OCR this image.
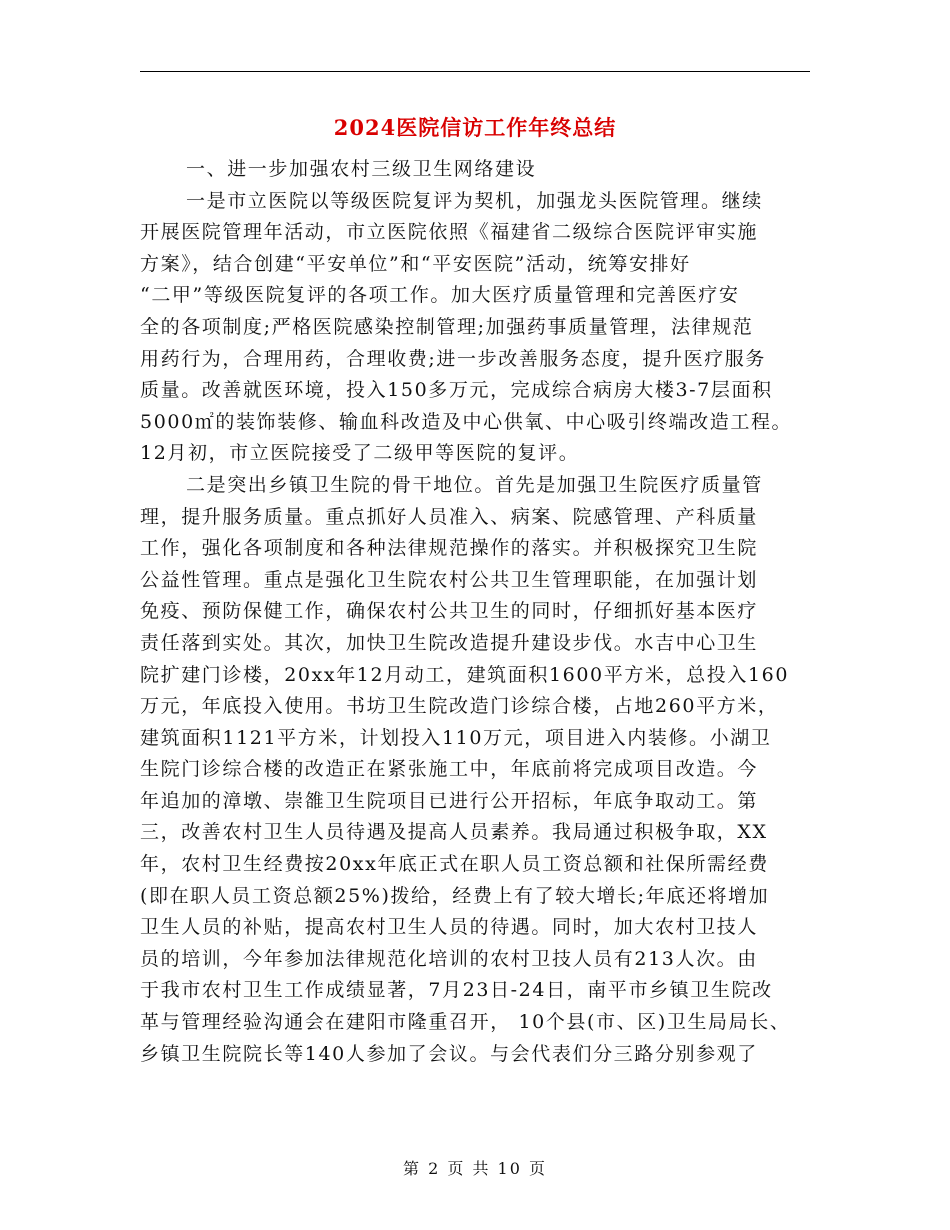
2024医院信访工作年终总结
一、进一步加强农村三级卫生网络建设
一是市立医院以等级医院复评为契机，加强龙头医院管理。继续
开展医院管理年活动，市立医院依照《福建省二级综合医院评审实施
方案》，结合创建“平安单位”和“平安医院”活动，统筹安排好
“二甲”等级医院复评的各项工作。加大医疗质量管理和完善医疗安
全的各项制度;严格医院感染控制管理;加强药事质量管理，法律规范
用药行为，合理用药，合理收费;进一步改善服务态度，提升医疗服务
质量。改善就医环境，投入150多万元，完成综合病房大楼3-7层面积
5000㎡的装饰装修、输血科改造及中心供氧、中心吸引终端改造工程。
12月初，市立医院接受了二级甲等医院的复评。
二是突出乡镇卫生院的骨干地位。首先是加强卫生院医疗质量管
理，提升服务质量。重点抓好人员准入、病案、院感管理、产科质量
工作，强化各项制度和各种法律规范操作的落实。并积极探究卫生院
公益性管理。重点是强化卫生院农村公共卫生管理职能，在加强计划
免疫、预防保健工作，确保农村公共卫生的同时，仔细抓好基本医疗
责任落到实处。其次，加快卫生院改造提升建设步伐。水吉中心卫生
院扩建门诊楼，20xx年12月动工，建筑面积1600平方米，总投入160
万元，年底投入使用。书坊卫生院改造门诊综合楼，占地260平方米，
建筑面积1121平方米，计划投入110万元，项目进入内装修。小湖卫
生院门诊综合楼的改造正在紧张施工中，年底前将完成项目改造。今
年追加的漳墩、崇雒卫生院项目已进行公开招标，年底争取动工。第
三，改善农村卫生人员待遇及提高人员素养。我局通过积极争取，XX
年，农村卫生经费按20xx年底正式在职人员工资总额和社保所需经费
(即在职人员工资总额25%)拨给，经费上有了较大增长;年底还将增加
卫生人员的补贴，提高农村卫生人员的待遇。同时，加大农村卫技人
员的培训，今年参加法律规范化培训的农村卫技人员有213人次。由
于我市农村卫生工作成绩显著，7月23日-24日，南平市乡镇卫生院改
革与管理经验沟通会在建阳市隆重召开， 10个县(市、区)卫生局局长、
乡镇卫生院院长等140人参加了会议。与会代表们分三路分别参观了
第 2 页 共 10 页
